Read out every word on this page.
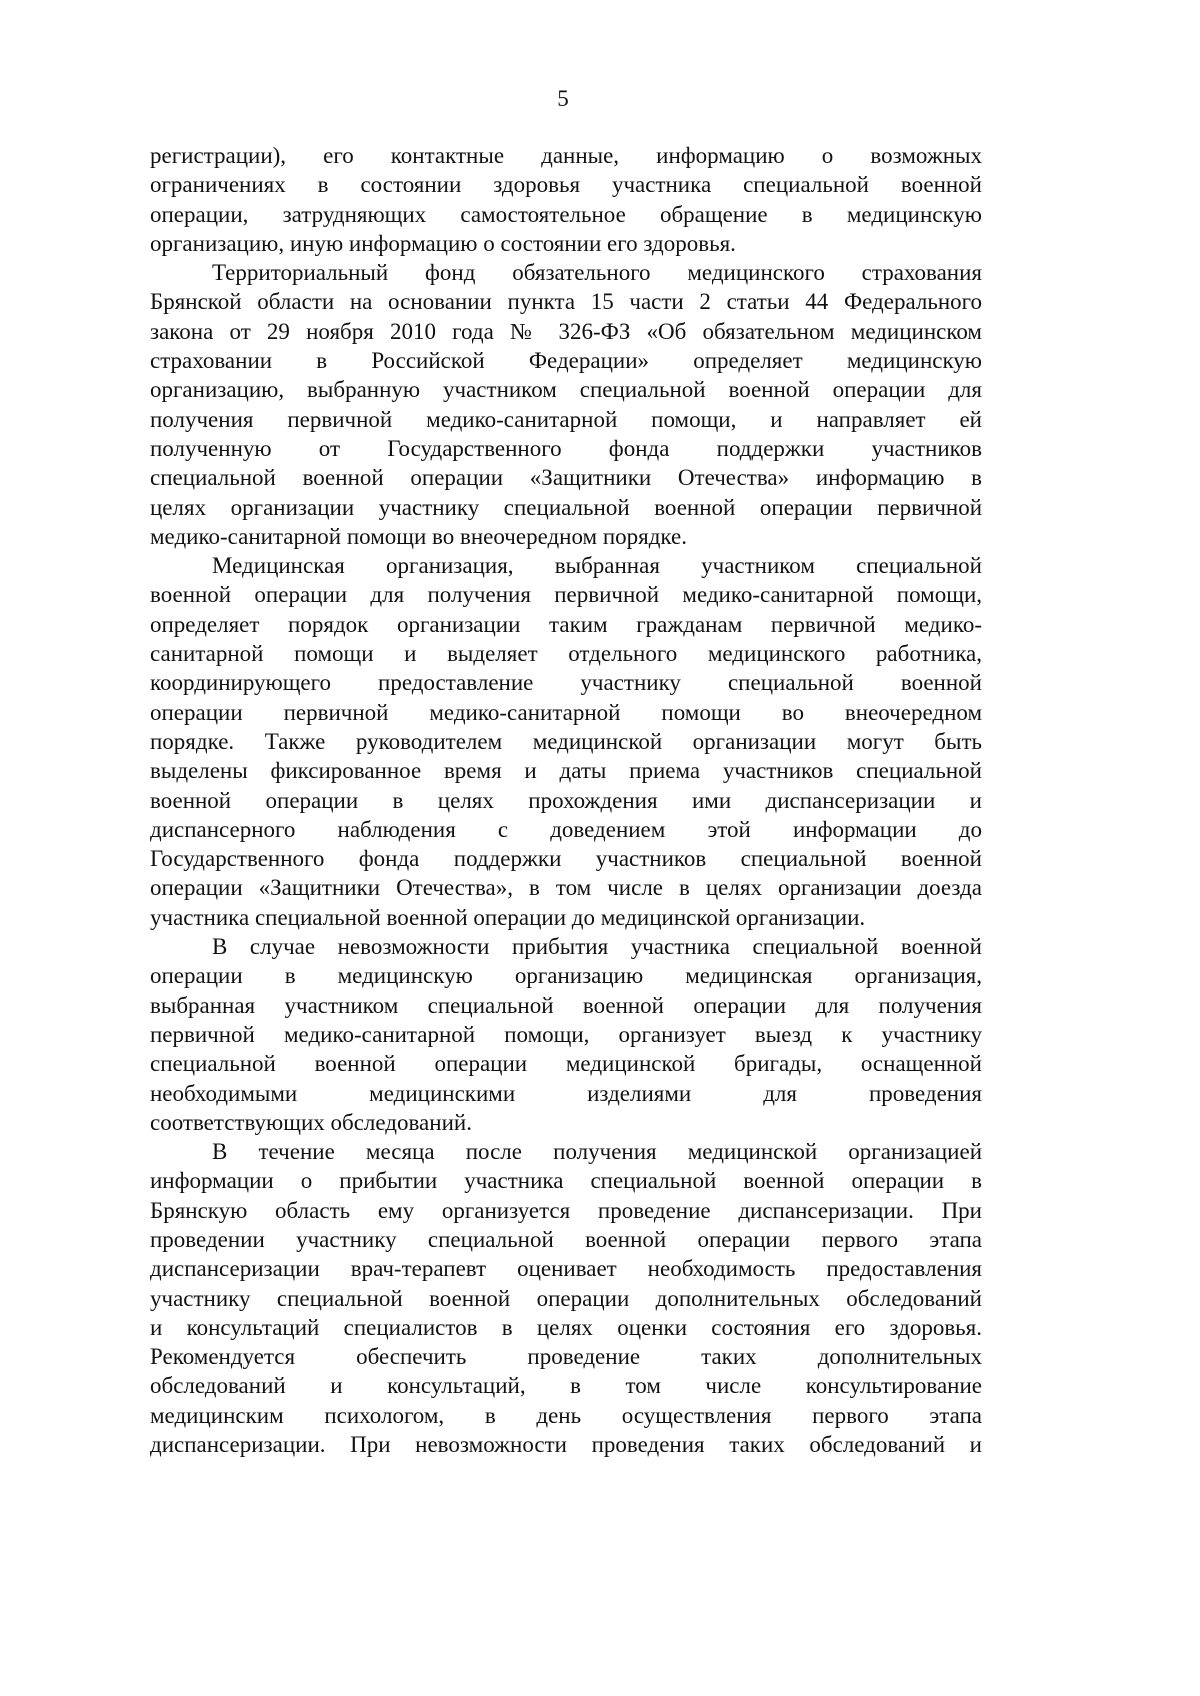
5
регистрации), его контактные данные, информацию о возможных
ограничениях в состоянии здоровья участника специальной военной
операции, затрудняющих самостоятельное обращение в медицинскую
организацию, иную информацию о состоянии его здоровья.
Территориальный фонд обязательного медицинского страхования
Брянской области на основании пункта 15 части 2 статьи 44 Федерального
закона от 29 ноября 2010 года № 326-ФЗ «Об обязательном медицинском
страховании в Российской Федерации» определяет медицинскую
организацию, выбранную участником специальной военной операции для
получения первичной медико-санитарной помощи, и направляет ей
полученную от Государственного фонда поддержки участников
специальной военной операции «Защитники Отечества» информацию в
целях организации участнику специальной военной операции первичной
медико-санитарной помощи во внеочередном порядке.
Медицинская организация, выбранная участником специальной
военной операции для получения первичной медико-санитарной помощи,
определяет порядок организации таким гражданам первичной медико-
санитарной помощи и выделяет отдельного медицинского работника,
координирующего предоставление участнику специальной военной
операции первичной медико-санитарной помощи во внеочередном
порядке. Также руководителем медицинской организации могут быть
выделены фиксированное время и даты приема участников специальной
военной операции в целях прохождения ими диспансеризации и
диспансерного наблюдения с доведением этой информации до
Государственного фонда поддержки участников специальной военной
операции «Защитники Отечества», в том числе в целях организации доезда
участника специальной военной операции до медицинской организации.
В случае невозможности прибытия участника специальной военной
операции в медицинскую организацию медицинская организация,
выбранная участником специальной военной операции для получения
первичной медико-санитарной помощи, организует выезд к участнику
специальной военной операции медицинской бригады, оснащенной
необходимыми медицинскими изделиями для проведения
соответствующих обследований.
В течение месяца после получения медицинской организацией
информации о прибытии участника специальной военной операции в
Брянскую область ему организуется проведение диспансеризации. При
проведении участнику специальной военной операции первого этапа
диспансеризации врач-терапевт оценивает необходимость предоставления
участнику специальной военной операции дополнительных обследований
и консультаций специалистов в целях оценки состояния его здоровья.
Рекомендуется обеспечить проведение таких дополнительных
обследований и консультаций, в том числе консультирование
медицинским психологом, в день осуществления первого этапа
диспансеризации. При невозможности проведения таких обследований и
